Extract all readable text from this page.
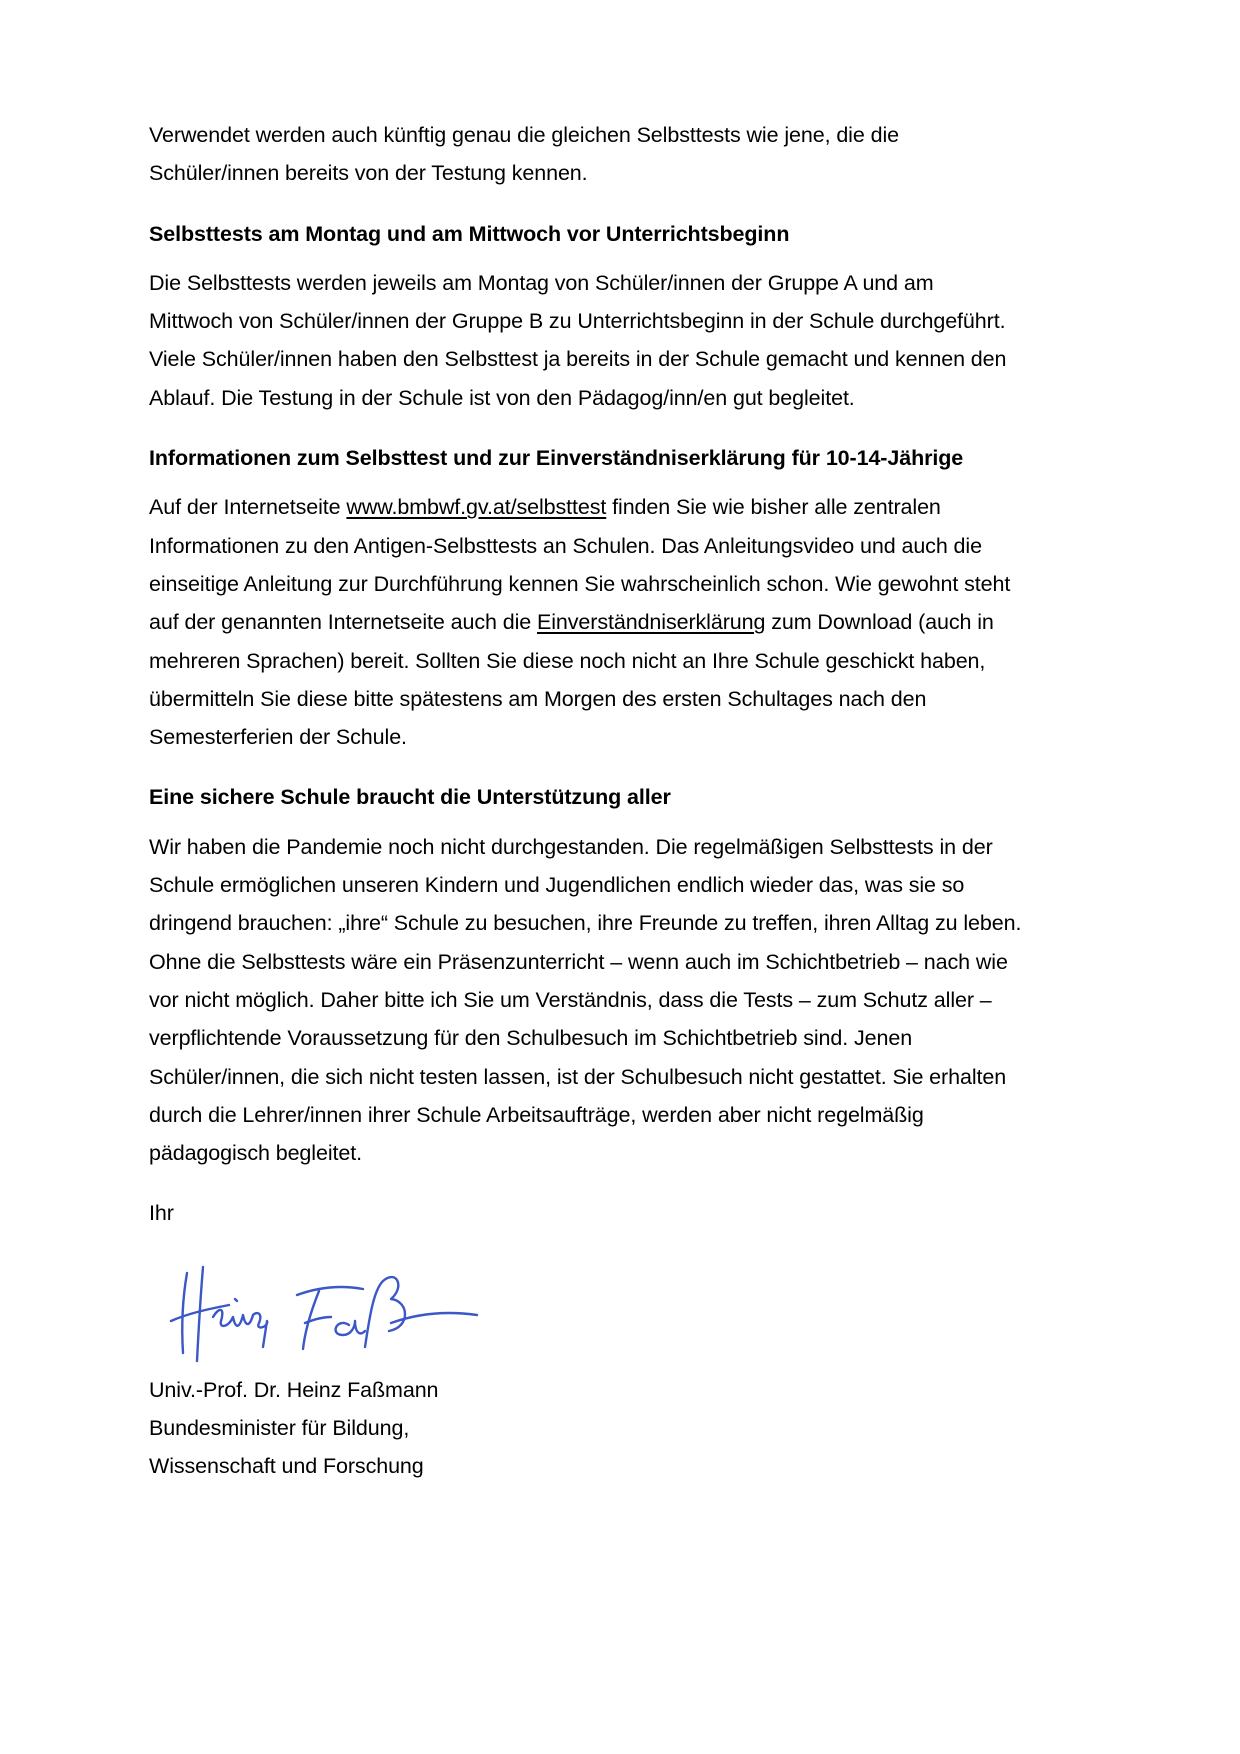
Verwendet werden auch künftig genau die gleichen Selbsttests wie jene, die die
Schüler/innen bereits von der Testung kennen.
Selbsttests am Montag und am Mittwoch vor Unterrichtsbeginn
Die Selbsttests werden jeweils am Montag von Schüler/innen der Gruppe A und am
Mittwoch von Schüler/innen der Gruppe B zu Unterrichtsbeginn in der Schule durchgeführt.
Viele Schüler/innen haben den Selbsttest ja bereits in der Schule gemacht und kennen den
Ablauf. Die Testung in der Schule ist von den Pädagog/inn/en gut begleitet.
Informationen zum Selbsttest und zur Einverständniserklärung für 10-14-Jährige
Auf der Internetseite www.bmbwf.gv.at/selbsttest finden Sie wie bisher alle zentralen
Informationen zu den Antigen-Selbsttests an Schulen. Das Anleitungsvideo und auch die
einseitige Anleitung zur Durchführung kennen Sie wahrscheinlich schon. Wie gewohnt steht
auf der genannten Internetseite auch die Einverständniserklärung zum Download (auch in
mehreren Sprachen) bereit. Sollten Sie diese noch nicht an Ihre Schule geschickt haben,
übermitteln Sie diese bitte spätestens am Morgen des ersten Schultages nach den
Semesterferien der Schule.
Eine sichere Schule braucht die Unterstützung aller
Wir haben die Pandemie noch nicht durchgestanden. Die regelmäßigen Selbsttests in der
Schule ermöglichen unseren Kindern und Jugendlichen endlich wieder das, was sie so
dringend brauchen: „ihre“ Schule zu besuchen, ihre Freunde zu treffen, ihren Alltag zu leben.
Ohne die Selbsttests wäre ein Präsenzunterricht – wenn auch im Schichtbetrieb – nach wie
vor nicht möglich. Daher bitte ich Sie um Verständnis, dass die Tests – zum Schutz aller –
verpflichtende Voraussetzung für den Schulbesuch im Schichtbetrieb sind. Jenen
Schüler/innen, die sich nicht testen lassen, ist der Schulbesuch nicht gestattet. Sie erhalten
durch die Lehrer/innen ihrer Schule Arbeitsaufträge, werden aber nicht regelmäßig
pädagogisch begleitet.
Ihr
Univ.-Prof. Dr. Heinz Faßmann
Bundesminister für Bildung,
Wissenschaft und Forschung
